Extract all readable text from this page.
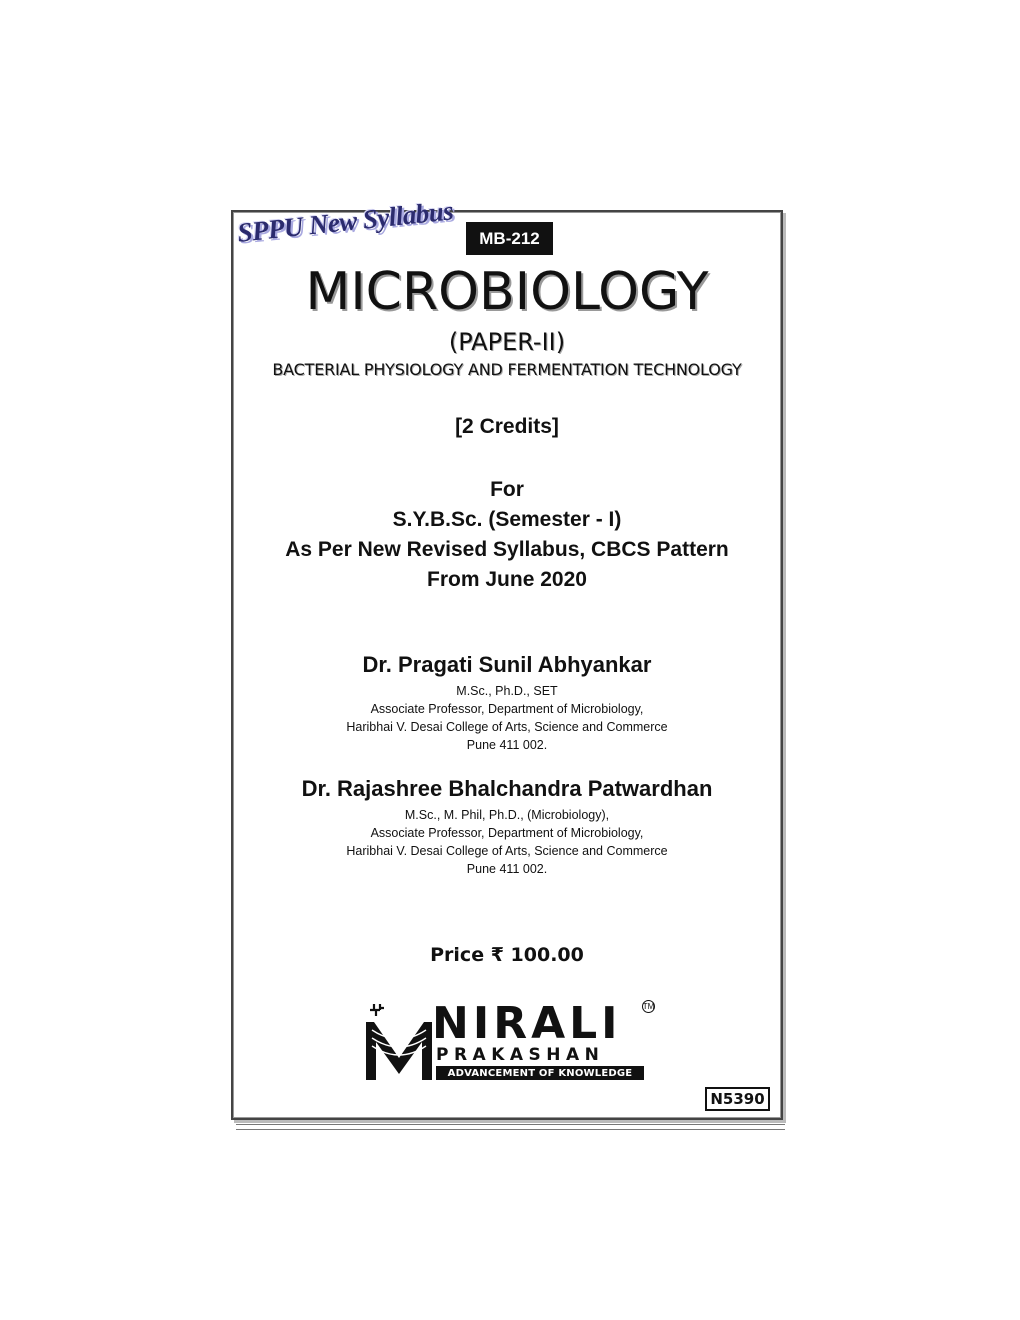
SPPU New Syllabus	MB-212
MICROBIOLOGY
(PAPER-II)
BACTERIAL PHYSIOLOGY AND FERMENTATION TECHNOLOGY
[2 Credits]
For
S.Y.B.Sc. (Semester - I)
As Per New Revised Syllabus, CBCS Pattern
From June 2020
Dr. Pragati Sunil Abhyankar
M.Sc., Ph.D., SET
Associate Professor, Department of Microbiology,
Haribhai V. Desai College of Arts, Science and Commerce
Pune 411 002.
Dr. Rajashree Bhalchandra Patwardhan
M.Sc., M. Phil, Ph.D., (Microbiology),
Associate Professor, Department of Microbiology,
Haribhai V. Desai College of Arts, Science and Commerce
Pune 411 002.
Price ₹ 100.00
NIRALI	TM
PRAKASHAN
ADVANCEMENT OF KNOWLEDGE
N5390
